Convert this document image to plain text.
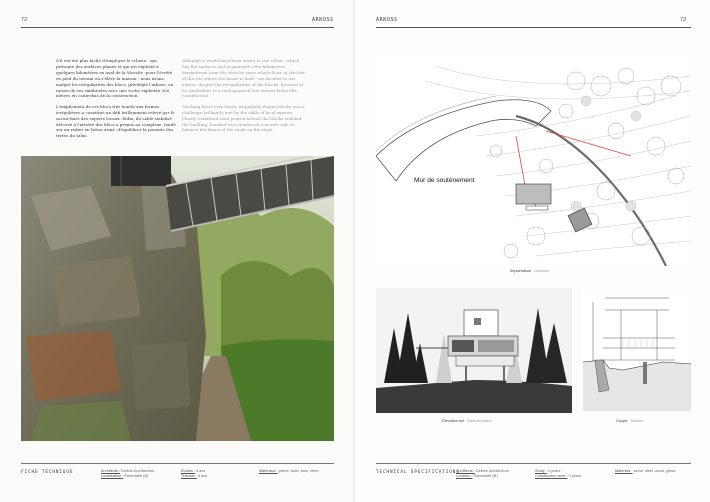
72	ARKOSS

S'il eut été plus facile d'employer le schiste - qui présente des surfaces planes et qui est exploité à quelques kilomètres en aval de la Woeche -pour l'écrêté en pied du terrain où s'élève la maison - nous avons, malgré les irrégularités des blocs, privilégié l'arkose, en raison de ses similitudes avec une roche exploitée 300 mètres en contrebas de la construction.

L'empilement de ces blocs très lourds aux formes irrégulières a constitué un défi brillamment relevé par le savoir-faire des experts locaux. Enfin, du sable stabilisé déversé à l'arrière des blocs a permis au complexe, fondé sur un radier en béton armé, d'équilibrer la poussée des terres du talus.

Although it would have been easier to use schist - which has flat surfaces and is quarried a few kilometres downstream from the Woeche river, which flows at the foot of the site where the house is built - we decided to use arkose, despite the irregularities of the blocks, because of its similarities to a rock quarried 300 metres below the construction.

Stacking these very heavy, irregularly shaped blocks was a challenge brilliantly met by the skills of local experts. Finally, stabilised sand poured behind the blocks enabled the building, founded on a reinforced concrete raft, to balance the thrust of the earth on the slope.

FICHE TECHNIQUE	Architecte : Delbire Architecture
Localisation : Robertville (B)
Études : 4 ans
Travaux : 3 ans
Matériaux : pierre, acier, bois, verre
ARKOSS	73
Mur de soutènement
Implantation Location
Élévation est East elevation	Coupe Section
TECHNICAL SPECIFICATIONS
Architects : Delbire Architecture
Location : Robertville (B)
Study : 4 years
Construction work : 3 years
Materials : stone, steel, wood, glass
